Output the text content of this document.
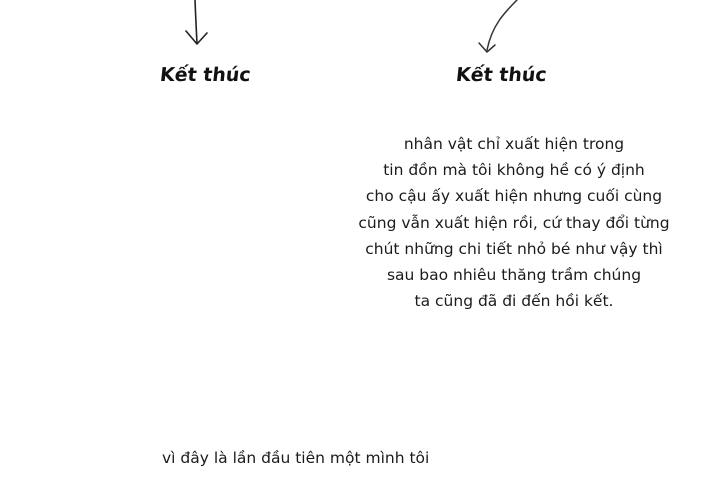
Kết thúc	Kết thúc
nhân vật chỉ xuất hiện trong
tin đồn mà tôi không hề có ý định
cho cậu ấy xuất hiện nhưng cuối cùng
cũng vẫn xuất hiện rồi, cứ thay đổi từng
chút những chi tiết nhỏ bé như vậy thì
sau bao nhiêu thăng trầm chúng
ta cũng đã đi đến hồi kết.
vì đây là lần đầu tiên một mình tôi
